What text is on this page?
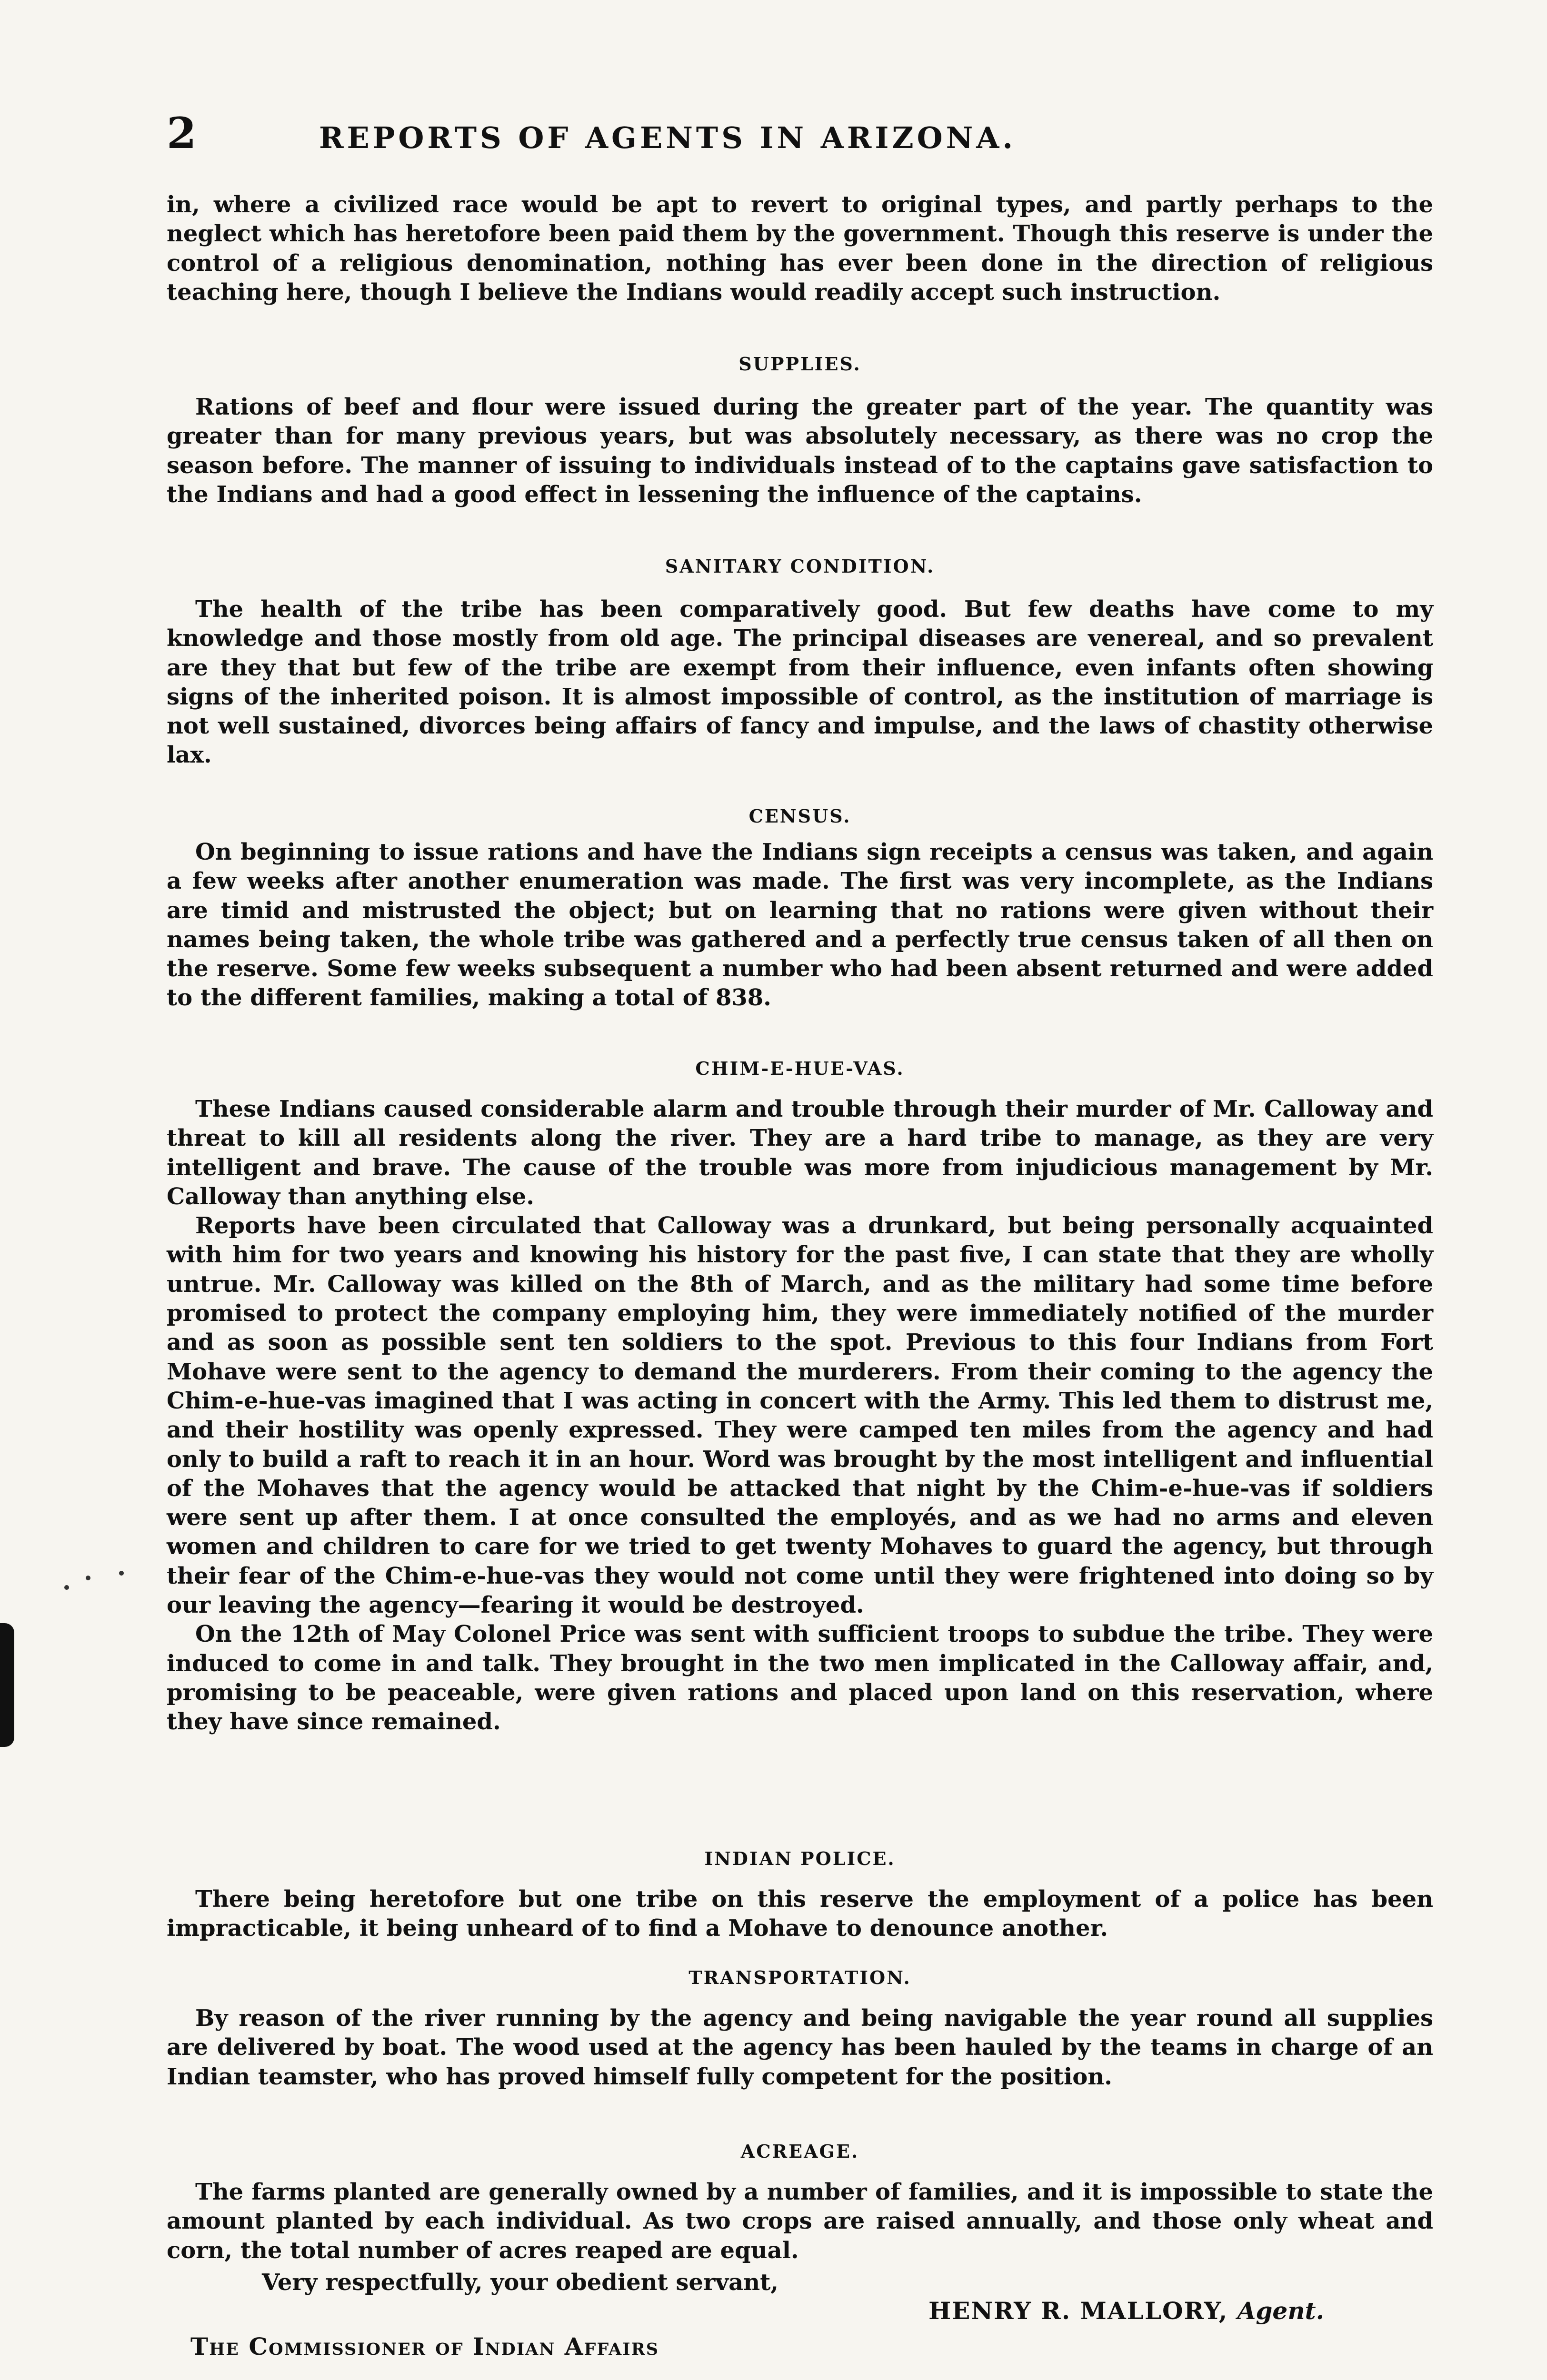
2	REPORTS OF AGENTS IN ARIZONA.

in, where a civilized race would be apt to revert to original types, and partly perhaps to the neglect which has heretofore been paid them by the government. Though this reserve is under the control of a religious denomination, nothing has ever been done in the direction of religious teaching here, though I believe the Indians would readily accept such instruction.

SUPPLIES.

Rations of beef and flour were issued during the greater part of the year. The quantity was greater than for many previous years, but was absolutely necessary, as there was no crop the season before. The manner of issuing to individuals instead of to the captains gave satisfaction to the Indians and had a good effect in lessening the influence of the captains.

SANITARY CONDITION.

The health of the tribe has been comparatively good. But few deaths have come to my knowledge and those mostly from old age. The principal diseases are venereal, and so prevalent are they that but few of the tribe are exempt from their influence, even infants often showing signs of the inherited poison. It is almost impossible of control, as the institution of marriage is not well sustained, divorces being affairs of fancy and impulse, and the laws of chastity otherwise lax.

CENSUS.

On beginning to issue rations and have the Indians sign receipts a census was taken, and again a few weeks after another enumeration was made. The first was very incomplete, as the Indians are timid and mistrusted the object; but on learning that no rations were given without their names being taken, the whole tribe was gathered and a perfectly true census taken of all then on the reserve. Some few weeks subsequent a number who had been absent returned and were added to the different families, making a total of 838.

CHIM-E-HUE-VAS.

These Indians caused considerable alarm and trouble through their murder of Mr. Calloway and threat to kill all residents along the river. They are a hard tribe to manage, as they are very intelligent and brave. The cause of the trouble was more from injudicious management by Mr. Calloway than anything else.

Reports have been circulated that Calloway was a drunkard, but being personally acquainted with him for two years and knowing his history for the past five, I can state that they are wholly untrue. Mr. Calloway was killed on the 8th of March, and as the military had some time before promised to protect the company employing him, they were immediately notified of the murder and as soon as possible sent ten soldiers to the spot. Previous to this four Indians from Fort Mohave were sent to the agency to demand the murderers. From their coming to the agency the Chim-e-hue-vas imagined that I was acting in concert with the Army. This led them to distrust me, and their hostility was openly expressed. They were camped ten miles from the agency and had only to build a raft to reach it in an hour. Word was brought by the most intelligent and influential of the Mohaves that the agency would be attacked that night by the Chim-e-hue-vas if soldiers were sent up after them. I at once consulted the employés, and as we had no arms and eleven women and children to care for we tried to get twenty Mohaves to guard the agency, but through their fear of the Chim-e-hue-vas they would not come until they were frightened into doing so by our leaving the agency—fearing it would be destroyed.

On the 12th of May Colonel Price was sent with sufficient troops to subdue the tribe. They were induced to come in and talk. They brought in the two men implicated in the Calloway affair, and, promising to be peaceable, were given rations and placed upon land on this reservation, where they have since remained.

INDIAN POLICE.

There being heretofore but one tribe on this reserve the employment of a police has been impracticable, it being unheard of to find a Mohave to denounce another.

TRANSPORTATION.

By reason of the river running by the agency and being navigable the year round all supplies are delivered by boat. The wood used at the agency has been hauled by the teams in charge of an Indian teamster, who has proved himself fully competent for the position.

ACREAGE.

The farms planted are generally owned by a number of families, and it is impossible to state the amount planted by each individual. As two crops are raised annually, and those only wheat and corn, the total number of acres reaped are equal.

Very respectfully, your obedient servant,
HENRY R. MALLORY, Agent.
The Commissioner of Indian Affairs
